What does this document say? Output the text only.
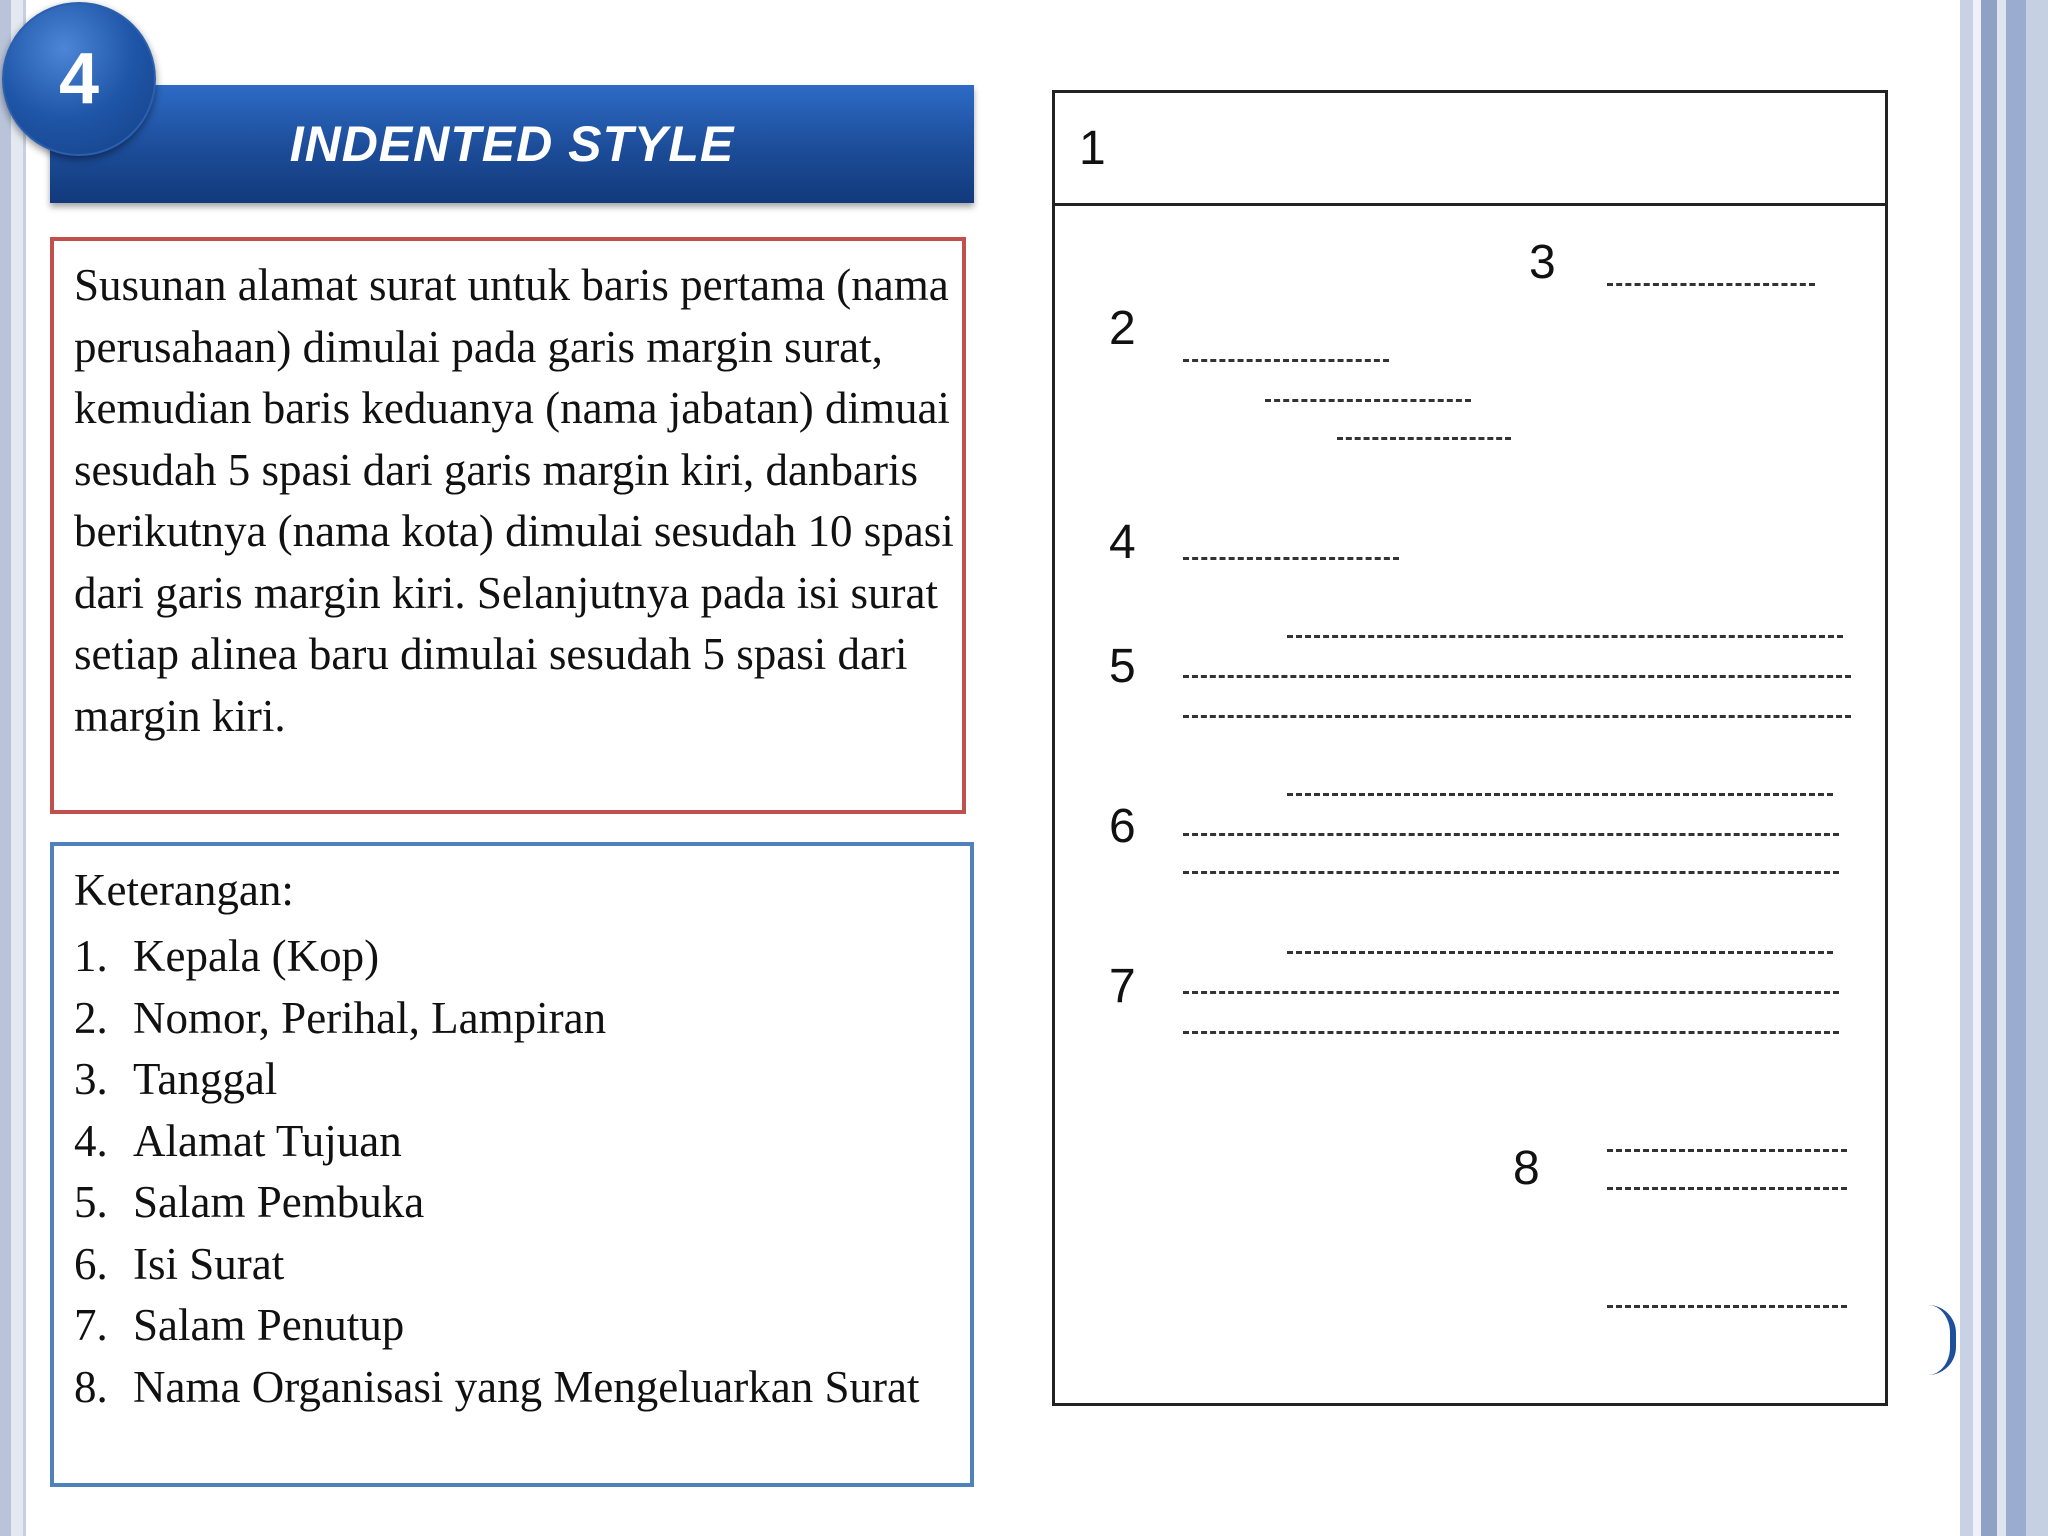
INDENTED STYLE
4

Susunan alamat surat untuk baris pertama (nama perusahaan) dimulai pada garis margin surat, kemudian baris keduanya (nama jabatan) dimuai sesudah 5 spasi dari garis margin kiri, danbaris berikutnya (nama kota) dimulai sesudah 10 spasi dari garis margin kiri. Selanjutnya pada isi surat setiap alinea baru dimulai sesudah 5 spasi dari margin kiri.

Keterangan:
1. Kepala (Kop)
2. Nomor, Perihal, Lampiran
3. Tanggal
4. Alamat Tujuan
5. Salam Pembuka
6. Isi Surat
7. Salam Penutup
8. Nama Organisasi yang Mengeluarkan Surat
1
2
3
4
5
6
7
8
